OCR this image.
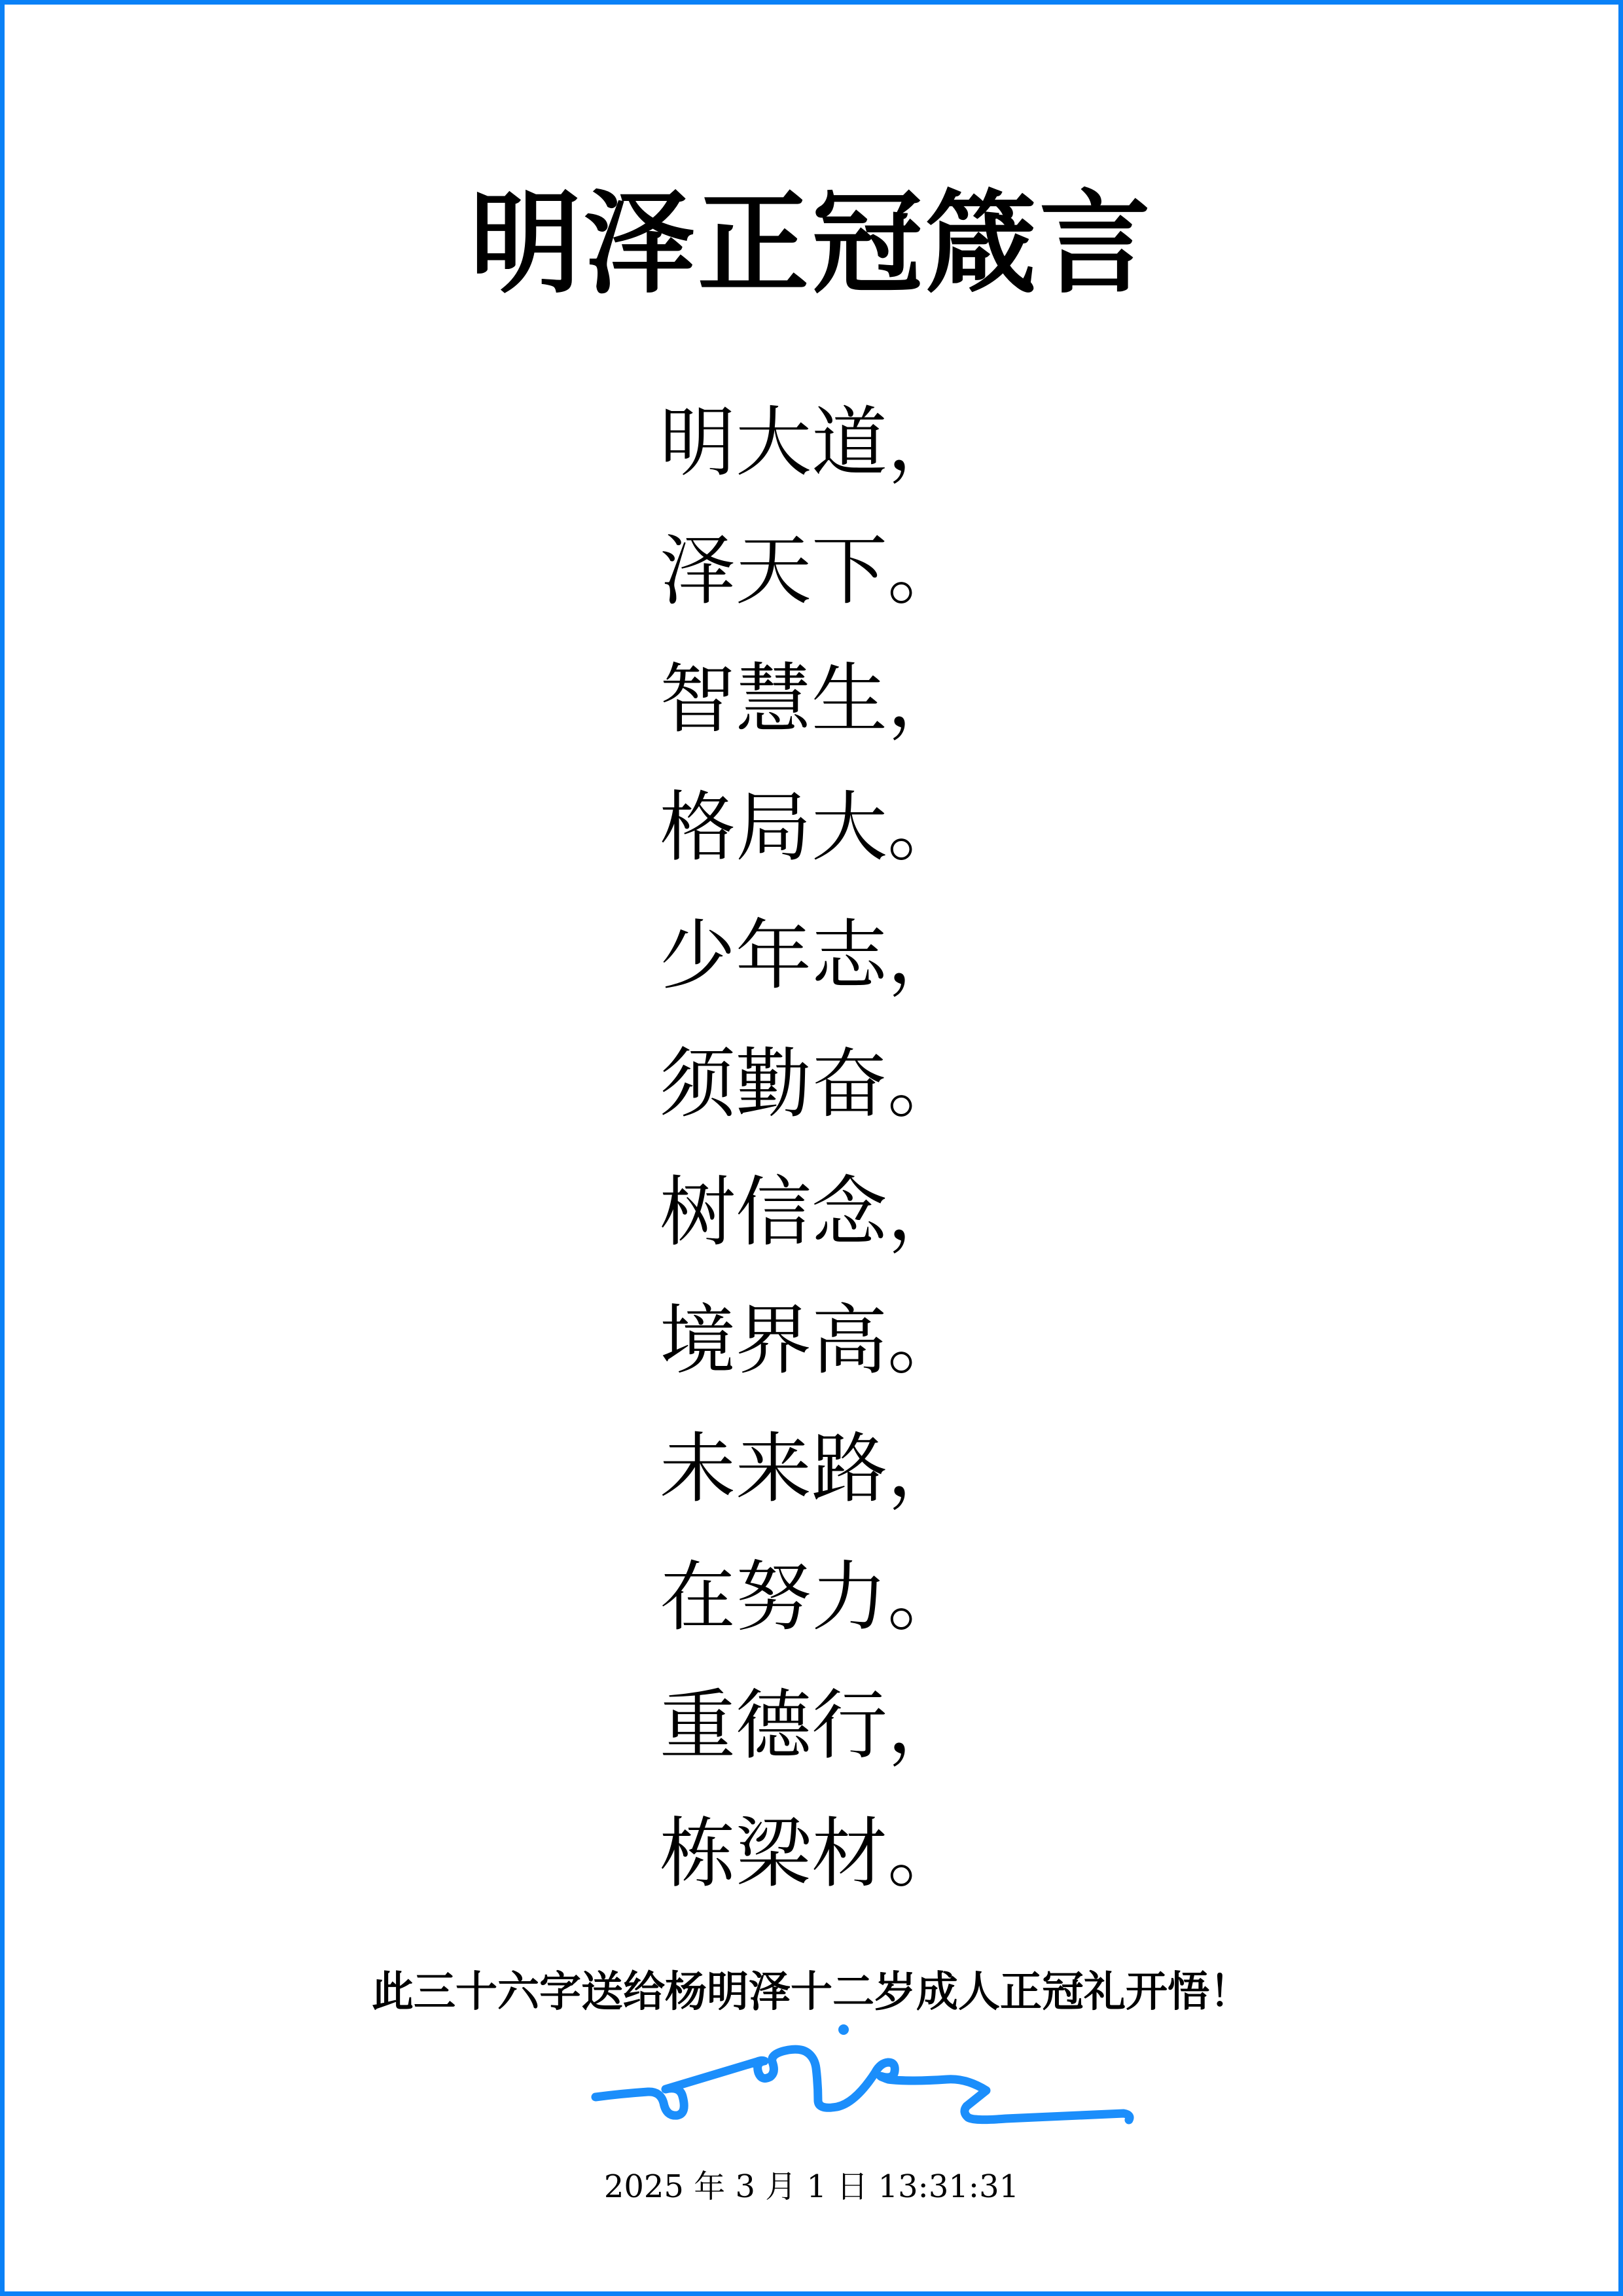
明泽正冠箴言
明大道，
泽天下。
智慧生，
格局大。
少年志，
须勤奋。
树信念，
境界高。
未来路，
在努力。
重德行，
栋梁材。
此三十六字送给杨明泽十二岁成人正冠礼开悟！
2025 年 3 月 1 日 13:31:31
